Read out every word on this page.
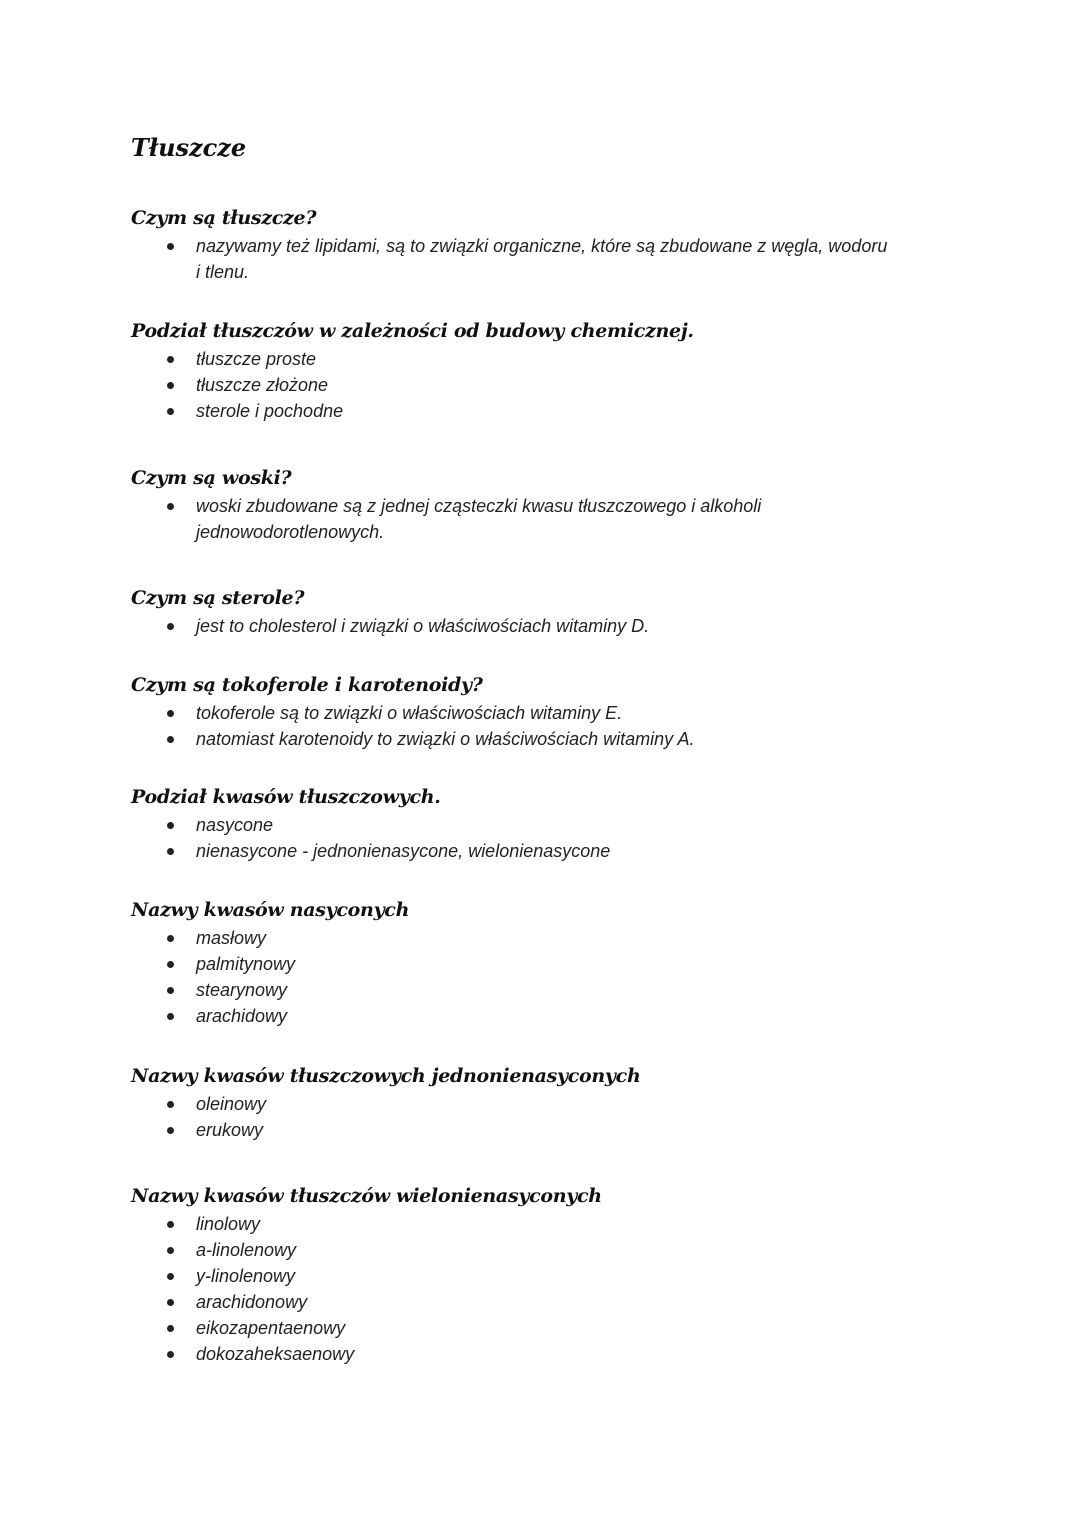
Tłuszcze
Czym są tłuszcze?
nazywamy też lipidami, są to związki organiczne, które są zbudowane z węgla, wodoru i tlenu.
Podział tłuszczów w zależności od budowy chemicznej.
tłuszcze proste
tłuszcze złożone
sterole i pochodne
Czym są woski?
woski zbudowane są z jednej cząsteczki kwasu tłuszczowego i alkoholi jednowodorotlenowych.
Czym są sterole?
jest to cholesterol i związki o właściwościach witaminy D.
Czym są tokoferole i karotenoidy?
tokoferole są to związki o właściwościach witaminy E.
natomiast karotenoidy to związki o właściwościach witaminy A.
Podział kwasów tłuszczowych.
nasycone
nienasycone - jednonienasycone, wielonienasycone
Nazwy kwasów nasyconych
masłowy
palmitynowy
stearynowy
arachidowy
Nazwy kwasów tłuszczowych jednonienasyconych
oleinowy
erukowy
Nazwy kwasów tłuszczów wielonienasyconych
linolowy
a-linolenowy
y-linolenowy
arachidonowy
eikozapentaenowy
dokozaheksaenowy
